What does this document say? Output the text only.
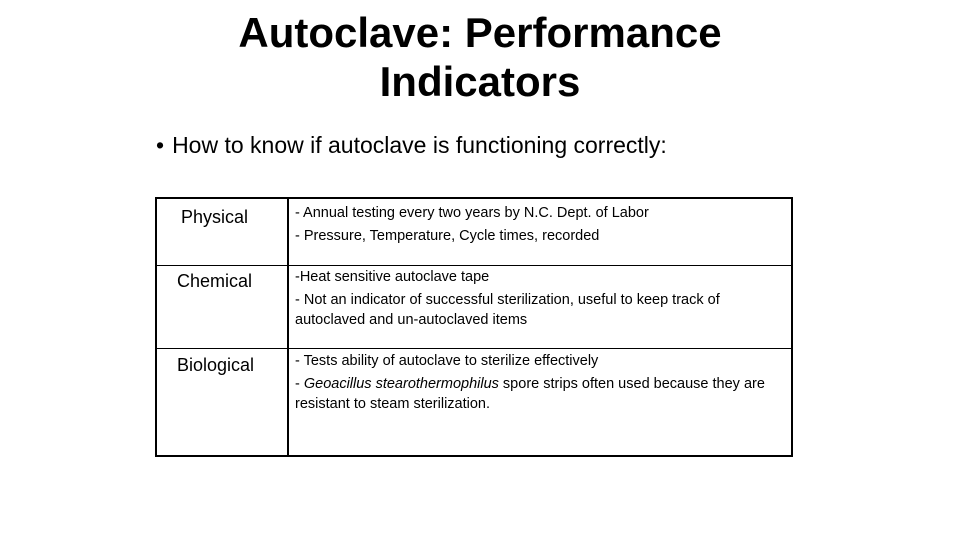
Autoclave: Performance
Indicators
• How to know if autoclave is functioning correctly:
Physical	- Annual testing every two years by N.C. Dept. of Labor

- Pressure, Temperature, Cycle times, recorded

Chemical	-Heat sensitive autoclave tape

- Not an indicator of successful sterilization, useful to keep track of autoclaved and un-autoclaved items

Biological	- Tests ability of autoclave to sterilize effectively

- Geoacillus stearothermophilus spore strips often used because they are resistant to steam sterilization.
